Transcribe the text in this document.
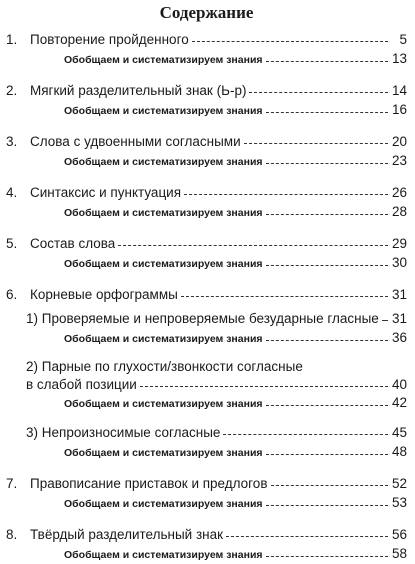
Содержание
1. Повторение пройденного	5
Обобщаем и систематизируем знания	13
2. Мягкий разделительный знак (Ь-р)	14
Обобщаем и систематизируем знания	16
3. Слова с удвоенными согласными	20
Обобщаем и систематизируем знания	23
4. Синтаксис и пунктуация	26
Обобщаем и систематизируем знания	28
5. Состав слова	29
Обобщаем и систематизируем знания	30
6. Корневые орфограммы	31
1) Проверяемые и непроверяемые безударные гласные 31
Обобщаем и систематизируем знания	36
2) Парные по глухости/звонкости согласные
в слабой позиции	40
Обобщаем и систематизируем знания	42
3) Непроизносимые согласные	45
Обобщаем и систематизируем знания	48
7. Правописание приставок и предлогов	52
Обобщаем и систематизируем знания	53
8. Твёрдый разделительный знак	56
Обобщаем и систематизируем знания	58
